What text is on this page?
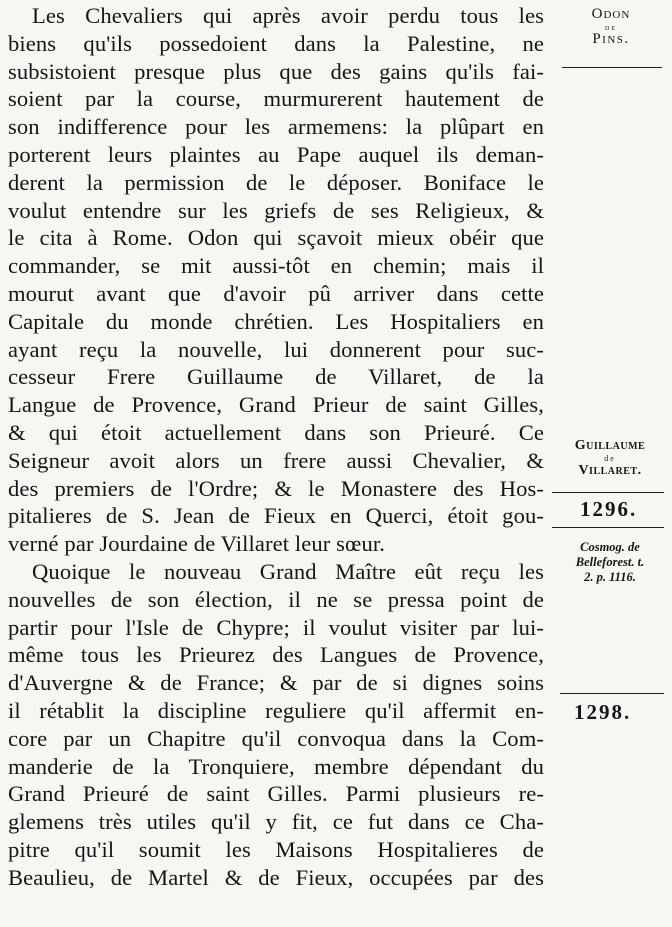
Les Chevaliers qui après avoir perdu tous les
biens qu'ils possedoient dans la Palestine, ne
subsistoient presque plus que des gains qu'ils fai-
soient par la course, murmurerent hautement de
son indifference pour les armemens: la plûpart en
porterent leurs plaintes au Pape auquel ils deman-
derent la permission de le déposer. Boniface le
voulut entendre sur les griefs de ses Religieux, &
le cita à Rome. Odon qui sçavoit mieux obéir que
commander, se mit aussi-tôt en chemin; mais il
mourut avant que d'avoir pû arriver dans cette
Capitale du monde chrétien. Les Hospitaliers en
ayant reçu la nouvelle, lui donnerent pour suc-
cesseur Frere Guillaume de Villaret, de la
Langue de Provence, Grand Prieur de saint Gilles,
& qui étoit actuellement dans son Prieuré. Ce
Seigneur avoit alors un frere aussi Chevalier, &
des premiers de l'Ordre; & le Monastere des Hos-
pitalieres de S. Jean de Fieux en Querci, étoit gou-
verné par Jourdaine de Villaret leur sœur.
Quoique le nouveau Grand Maître eût reçu les
nouvelles de son élection, il ne se pressa point de
partir pour l'Isle de Chypre; il voulut visiter par lui-
même tous les Prieurez des Langues de Provence,
d'Auvergne & de France; & par de si dignes soins
il rétablit la discipline reguliere qu'il affermit en-
core par un Chapitre qu'il convoqua dans la Com-
manderie de la Tronquiere, membre dépendant du
Grand Prieuré de saint Gilles. Parmi plusieurs re-
glemens très utiles qu'il y fit, ce fut dans ce Cha-
pitre qu'il soumit les Maisons Hospitalieres de
Beaulieu, de Martel & de Fieux, occupées par des
Odon
de
Pins.
Guillaume
de
Villaret.
1296.
Cosmog. de
Belleforest. t.
2. p. 1116.
1298.
